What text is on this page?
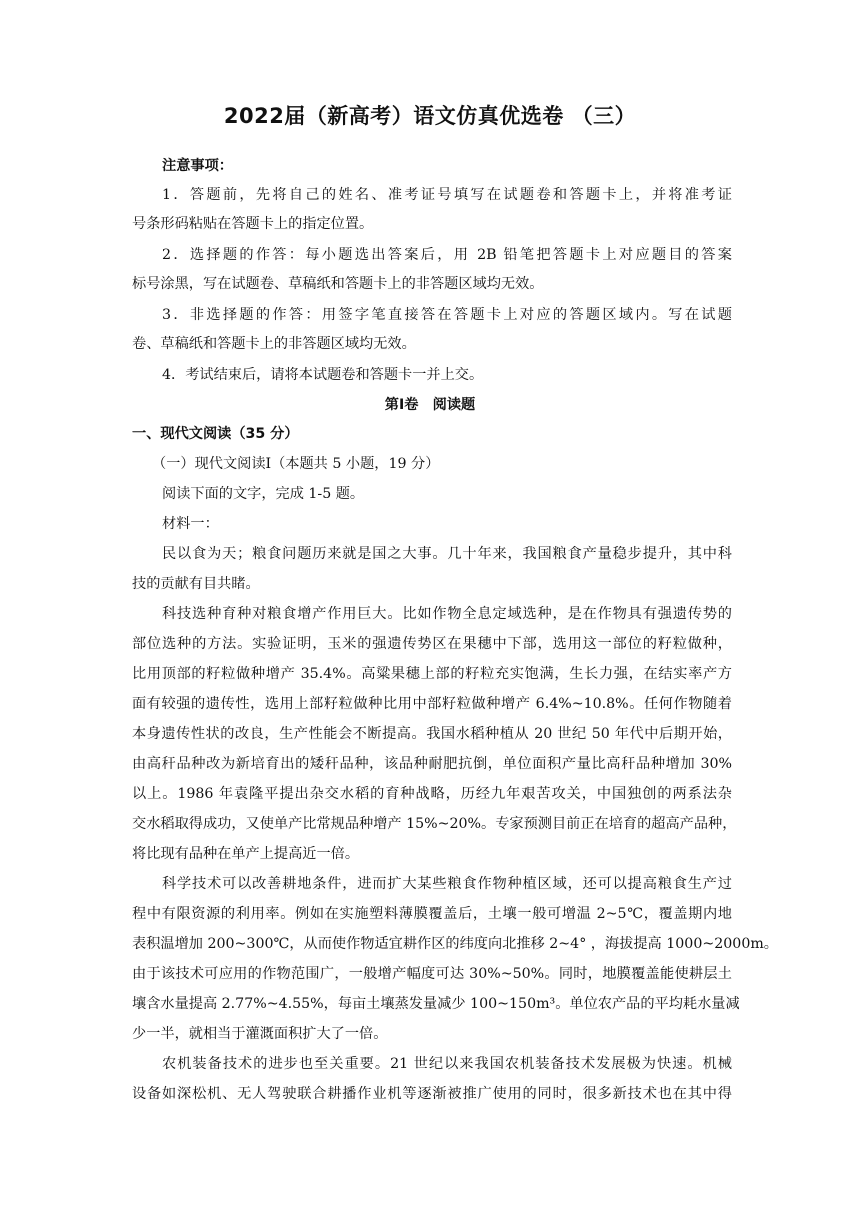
2022届（新高考）语文仿真优选卷 （三）
注意事项：
1．答题前，先将自己的姓名、准考证号填写在试题卷和答题卡上，并将准考证
号条形码粘贴在答题卡上的指定位置。
2．选择题的作答：每小题选出答案后，用 2B 铅笔把答题卡上对应题目的答案
标号涂黑，写在试题卷、草稿纸和答题卡上的非答题区域均无效。
3．非选择题的作答：用签字笔直接答在答题卡上对应的答题区域内。写在试题
卷、草稿纸和答题卡上的非答题区域均无效。
4．考试结束后，请将本试题卷和答题卡一并上交。
第Ⅰ卷　阅读题
一、现代文阅读（35 分）
（一）现代文阅读Ⅰ（本题共 5 小题，19 分）
阅读下面的文字，完成 1-5 题。
材料一：
民以食为天；粮食问题历来就是国之大事。几十年来，我国粮食产量稳步提升，其中科
技的贡献有目共睹。
科技选种育种对粮食增产作用巨大。比如作物全息定域选种，是在作物具有强遗传势的
部位选种的方法。实验证明，玉米的强遗传势区在果穗中下部，选用这一部位的籽粒做种，
比用顶部的籽粒做种增产 35.4%。高粱果穗上部的籽粒充实饱满，生长力强，在结实率产方
面有较强的遗传性，选用上部籽粒做种比用中部籽粒做种增产 6.4%~10.8%。任何作物随着
本身遗传性状的改良，生产性能会不断提高。我国水稻种植从 20 世纪 50 年代中后期开始，
由高秆品种改为新培育出的矮秆品种，该品种耐肥抗倒，单位面积产量比高秆品种增加 30%
以上。1986 年袁隆平提出杂交水稻的育种战略，历经九年艰苦攻关，中国独创的两系法杂
交水稻取得成功，又使单产比常规品种增产 15%~20%。专家预测目前正在培育的超高产品种，
将比现有品种在单产上提高近一倍。
科学技术可以改善耕地条件，进而扩大某些粮食作物种植区域，还可以提高粮食生产过
程中有限资源的利用率。例如在实施塑料薄膜覆盖后，土壤一般可增温 2~5℃，覆盖期内地
表积温增加 200~300℃，从而使作物适宜耕作区的纬度向北推移 2~4° ，海拔提高 1000~2000m。
由于该技术可应用的作物范围广，一般增产幅度可达 30%~50%。同时，地膜覆盖能使耕层土
壤含水量提高 2.77%~4.55%，每亩土壤蒸发量减少 100~150m³。单位农产品的平均耗水量减
少一半，就相当于灌溉面积扩大了一倍。
农机装备技术的进步也至关重要。21 世纪以来我国农机装备技术发展极为快速。机械
设备如深松机、无人驾驶联合耕播作业机等逐渐被推广使用的同时，很多新技术也在其中得
